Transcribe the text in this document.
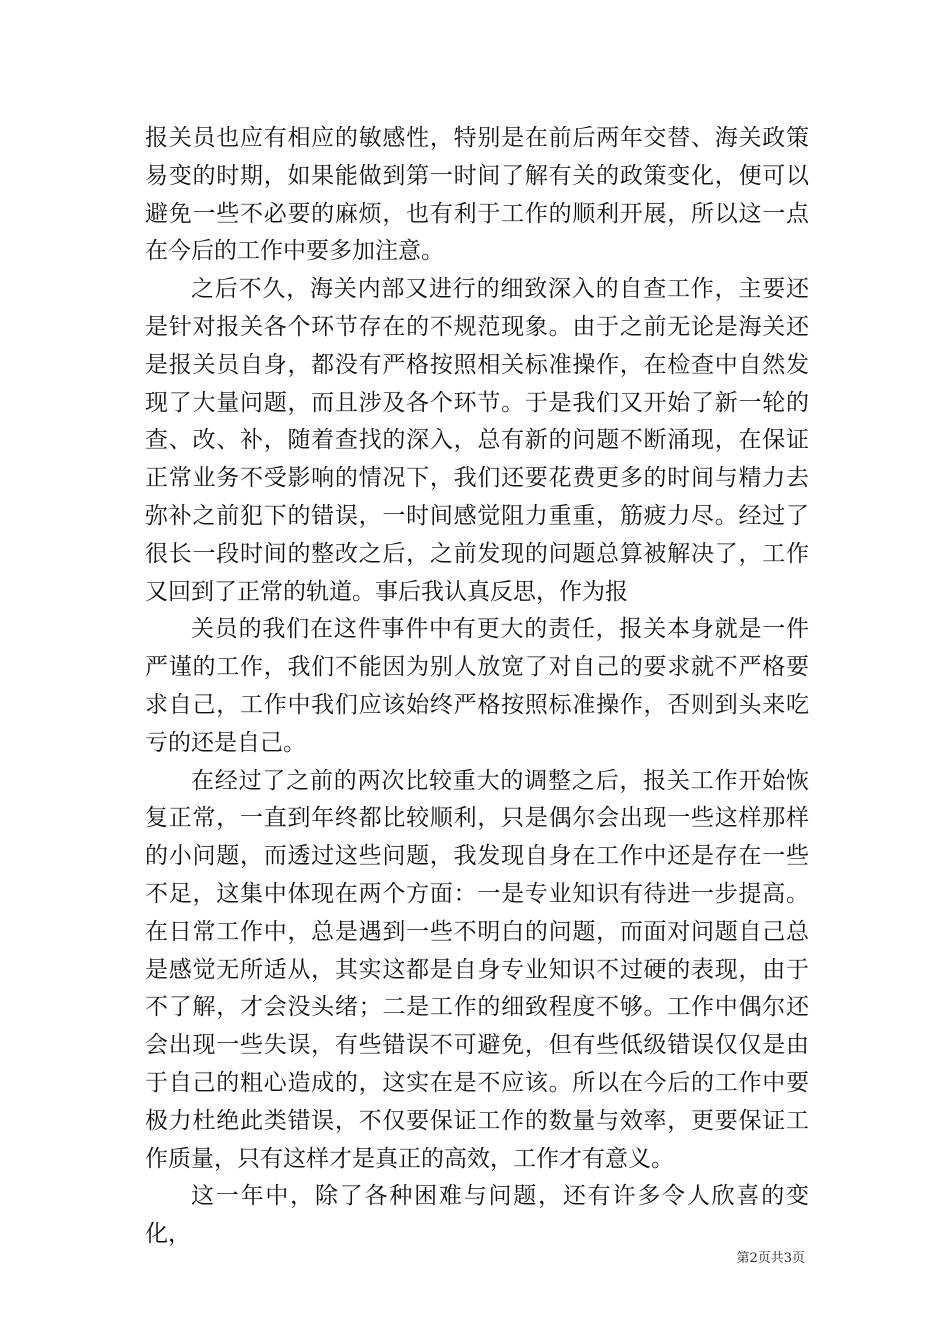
报关员也应有相应的敏感性，特别是在前后两年交替、海关政策易变的时期，如果能做到第一时间了解有关的政策变化，便可以避免一些不必要的麻烦，也有利于工作的顺利开展，所以这一点在今后的工作中要多加注意。

之后不久，海关内部又进行的细致深入的自查工作，主要还是针对报关各个环节存在的不规范现象。由于之前无论是海关还是报关员自身，都没有严格按照相关标准操作，在检查中自然发现了大量问题，而且涉及各个环节。于是我们又开始了新一轮的查、改、补，随着查找的深入，总有新的问题不断涌现，在保证正常业务不受影响的情况下，我们还要花费更多的时间与精力去弥补之前犯下的错误，一时间感觉阻力重重，筋疲力尽。经过了很长一段时间的整改之后，之前发现的问题总算被解决了，工作又回到了正常的轨道。事后我认真反思，作为报

关员的我们在这件事件中有更大的责任，报关本身就是一件严谨的工作，我们不能因为别人放宽了对自己的要求就不严格要求自己，工作中我们应该始终严格按照标准操作，否则到头来吃亏的还是自己。

在经过了之前的两次比较重大的调整之后，报关工作开始恢复正常，一直到年终都比较顺利，只是偶尔会出现一些这样那样的小问题，而透过这些问题，我发现自身在工作中还是存在一些不足，这集中体现在两个方面：一是专业知识有待进一步提高。在日常工作中，总是遇到一些不明白的问题，而面对问题自己总是感觉无所适从，其实这都是自身专业知识不过硬的表现，由于不了解，才会没头绪；二是工作的细致程度不够。工作中偶尔还会出现一些失误，有些错误不可避免，但有些低级错误仅仅是由于自己的粗心造成的，这实在是不应该。所以在今后的工作中要极力杜绝此类错误，不仅要保证工作的数量与效率，更要保证工作质量，只有这样才是真正的高效，工作才有意义。

这一年中，除了各种困难与问题，还有许多令人欣喜的变化，

第2页共3页
